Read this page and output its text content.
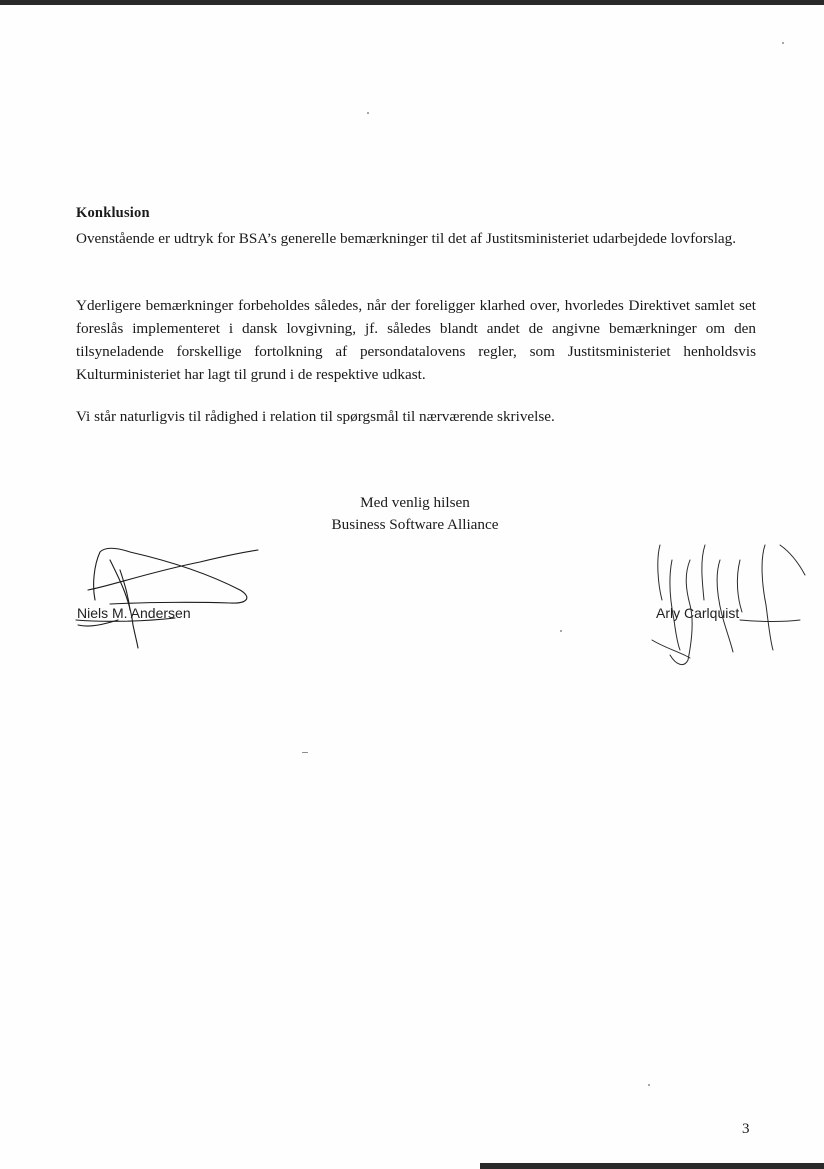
Konklusion

Ovenstående er udtryk for BSA’s generelle bemærkninger til det af Justitsministeriet udarbejdede lovforslag.

Yderligere bemærkninger forbeholdes således, når der foreligger klarhed over, hvorledes Direktivet samlet set foreslås implementeret i dansk lovgivning, jf. således blandt andet de angivne bemærkninger om den tilsyneladende forskellige fortolkning af persondatalovens regler, som Justitsministeriet henholdsvis Kulturministeriet har lagt til grund i de respektive udkast.

Vi står naturligvis til rådighed i relation til spørgsmål til nærværende skrivelse.

Med venlig hilsen
Business Software Alliance
Niels M. Andersen	Arly Carlquist
3
